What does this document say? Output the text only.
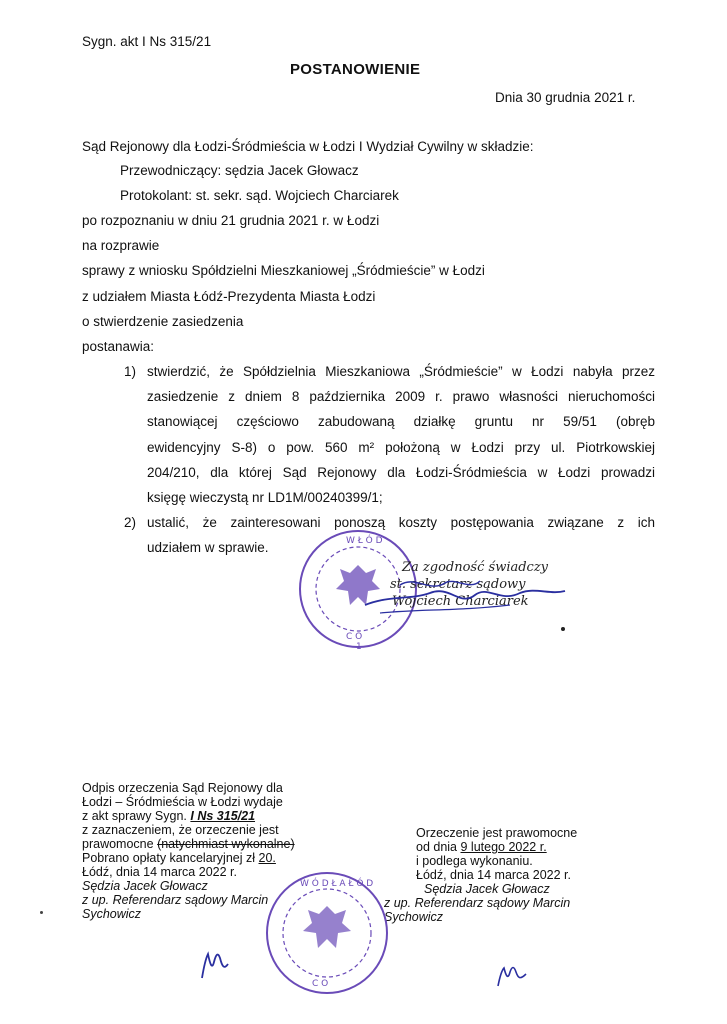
Sygn. akt I Ns 315/21
POSTANOWIENIE
Dnia 30 grudnia 2021 r.
Sąd Rejonowy dla Łodzi-Śródmieścia w Łodzi I Wydział Cywilny w składzie:
Przewodniczący: sędzia Jacek Głowacz
Protokolant: st. sekr. sąd. Wojciech Charciarek
po rozpoznaniu w dniu 21 grudnia 2021 r. w Łodzi
na rozprawie
sprawy z wniosku Spółdzielni Mieszkaniowej „Śródmieście” w Łodzi
z udziałem Miasta Łódź-Prezydenta Miasta Łodzi
o stwierdzenie zasiedzenia
postanawia:
1) stwierdzić, że Spółdzielnia Mieszkaniowa „Śródmieście” w Łodzi nabyła przez
zasiedzenie z dniem 8 października 2009 r. prawo własności nieruchomości
stanowiącej częściowo zabudowaną działkę gruntu nr 59/51 (obręb
ewidencyjny S-8) o pow. 560 m² położoną w Łodzi przy ul. Piotrkowskiej
204/210, dla której Sąd Rejonowy dla Łodzi-Śródmieścia w Łodzi prowadzi
księgę wieczystą nr LD1M/00240399/1;
2) ustalić, że zainteresowani ponoszą koszty postępowania związane z ich
udziałem w sprawie.	W Ł Ó D
C O
1
Za zgodność świadczy
st. sekretarz sądowy
Wojciech Charciarek
Odpis orzeczenia Sąd Rejonowy dla
Łodzi – Śródmieścia w Łodzi wydaje
z akt sprawy Sygn. I Ns 315/21
z zaznaczeniem, że orzeczenie jest
prawomocne (natychmiast wykonalne)
Pobrano opłaty kancelaryjnej zł 20.
Łódź, dnia 14 marca 2022 r.
Sędzia Jacek Głowacz
z up. Referendarz sądowy Marcin
Sychowicz
Orzeczenie jest prawomocne
od dnia 9 lutego 2022 r.
i podlega wykonaniu.
Łódź, dnia 14 marca 2022 r.
Sędzia Jacek Głowacz
z up. Referendarz sądowy Marcin
Sychowicz
W Ó D Ł A Ł Ó D
C O
